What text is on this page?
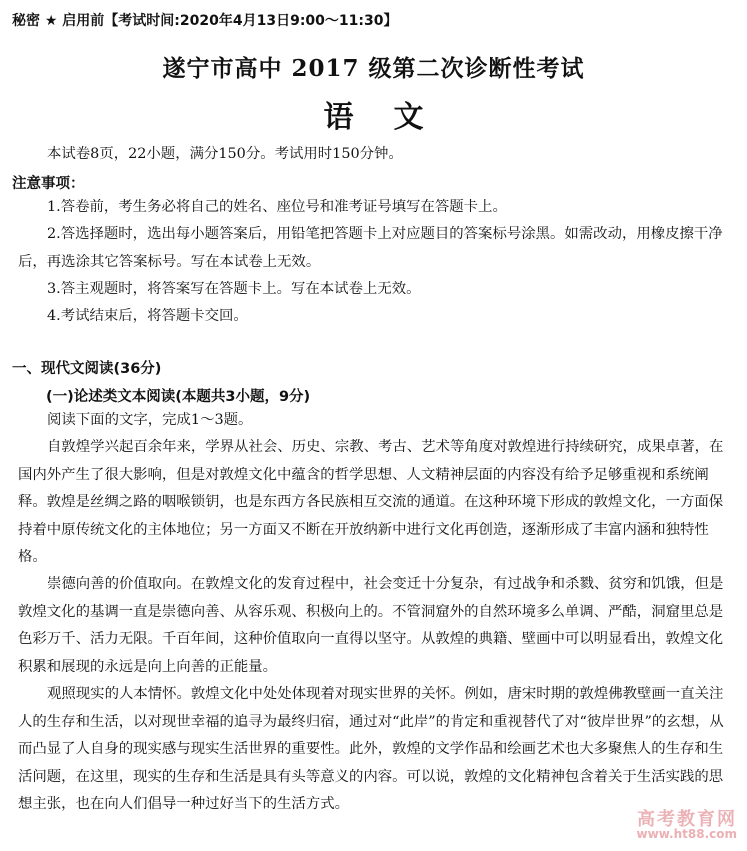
秘密 ★ 启用前【考试时间:2020年4月13日9:00～11:30】
遂宁市高中 2017 级第二次诊断性考试
语文
本试卷8页，22小题，满分150分。考试用时150分钟。
注意事项：
1.答卷前，考生务必将自己的姓名、座位号和准考证号填写在答题卡上。
2.答选择题时，选出每小题答案后，用铅笔把答题卡上对应题目的答案标号涂黑。如需改动，用橡皮擦干净后，再选涂其它答案标号。写在本试卷上无效。
3.答主观题时，将答案写在答题卡上。写在本试卷上无效。
4.考试结束后，将答题卡交回。
一、现代文阅读(36分)
(一)论述类文本阅读(本题共3小题，9分)
阅读下面的文字，完成1～3题。
自敦煌学兴起百余年来，学界从社会、历史、宗教、考古、艺术等角度对敦煌进行持续研究，成果卓著，在国内外产生了很大影响，但是对敦煌文化中蕴含的哲学思想、人文精神层面的内容没有给予足够重视和系统阐释。敦煌是丝绸之路的咽喉锁钥，也是东西方各民族相互交流的通道。在这种环境下形成的敦煌文化，一方面保持着中原传统文化的主体地位；另一方面又不断在开放纳新中进行文化再创造，逐渐形成了丰富内涵和独特性格。
崇德向善的价值取向。在敦煌文化的发育过程中，社会变迁十分复杂，有过战争和杀戮、贫穷和饥饿，但是敦煌文化的基调一直是崇德向善、从容乐观、积极向上的。不管洞窟外的自然环境多么单调、严酷，洞窟里总是色彩万千、活力无限。千百年间，这种价值取向一直得以坚守。从敦煌的典籍、壁画中可以明显看出，敦煌文化积累和展现的永远是向上向善的正能量。
观照现实的人本情怀。敦煌文化中处处体现着对现实世界的关怀。例如，唐宋时期的敦煌佛教壁画一直关注人的生存和生活，以对现世幸福的追寻为最终归宿，通过对“此岸”的肯定和重视替代了对“彼岸世界”的玄想，从而凸显了人自身的现实感与现实生活世界的重要性。此外，敦煌的文学作品和绘画艺术也大多聚焦人的生存和生活问题，在这里，现实的生存和生活是具有头等意义的内容。可以说，敦煌的文化精神包含着关于生活实践的思想主张，也在向人们倡导一种过好当下的生活方式。
高考教育网
www.ht88.com
